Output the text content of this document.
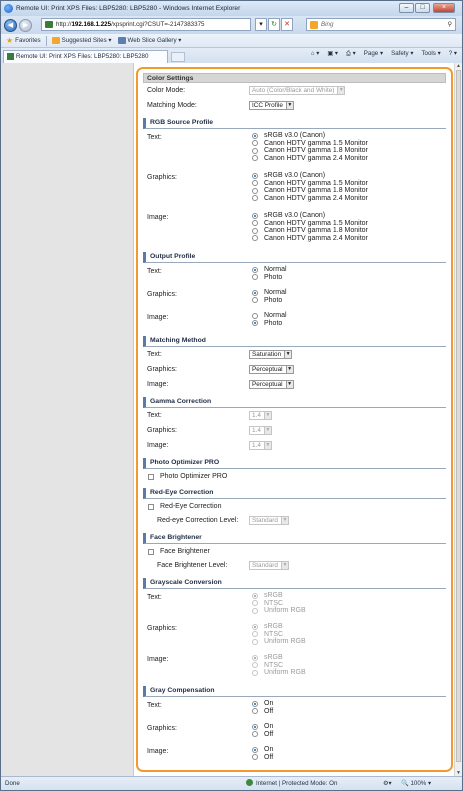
Remote UI: Print XPS Files: LBP5280: LBP5280 - Windows Internet Explorer	–	□	×
◀	▶	http://192.168.1.225/xpsprint.cgi?CSUT=-2147383375	▾	↻	✕	Bing	⚲
★ Favorites	Suggested Sites ▾	Web Slice Gallery ▾
Remote UI: Print XPS Files: LBP5280: LBP5280	⌂ ▾ ▣ ▾ ⎙ ▾ Page ▾ Safety ▾ Tools ▾ ? ▾
▲
▼
Color Settings
Color Mode:	Auto (Color/Black and White) ▼
Matching Mode:	ICC Profile ▼
RGB Source Profile
Text:	sRGB v3.0 (Canon)
Canon HDTV gamma 1.5 Monitor
Canon HDTV gamma 1.8 Monitor
Canon HDTV gamma 2.4 Monitor
Graphics:	sRGB v3.0 (Canon)
Canon HDTV gamma 1.5 Monitor
Canon HDTV gamma 1.8 Monitor
Canon HDTV gamma 2.4 Monitor
Image:	sRGB v3.0 (Canon)
Canon HDTV gamma 1.5 Monitor
Canon HDTV gamma 1.8 Monitor
Canon HDTV gamma 2.4 Monitor
Output Profile
Text:	Normal
Photo
Graphics:	Normal
Photo
Image:	Normal
Photo
Matching Method
Text:	Saturation ▼
Graphics:	Perceptual ▼
Image:	Perceptual ▼
Gamma Correction
Text:	1.4 ▼
Graphics:	1.4 ▼
Image:	1.4 ▼
Photo Optimizer PRO
Photo Optimizer PRO
Red-Eye Correction
Red-Eye Correction
Red-eye Correction Level: Standard ▼
Face Brightener
Face Brightener
Face Brightener Level:	Standard ▼
Grayscale Conversion
Text:	sRGB
NTSC
Uniform RGB
Graphics:	sRGB
NTSC
Uniform RGB
Image:	sRGB
NTSC
Uniform RGB
Gray Compensation
Text:	On
Off
Graphics:	On
Off
Image:	On
Off
Done	Internet | Protected Mode: On	⚙▾ 🔍 100% ▾
